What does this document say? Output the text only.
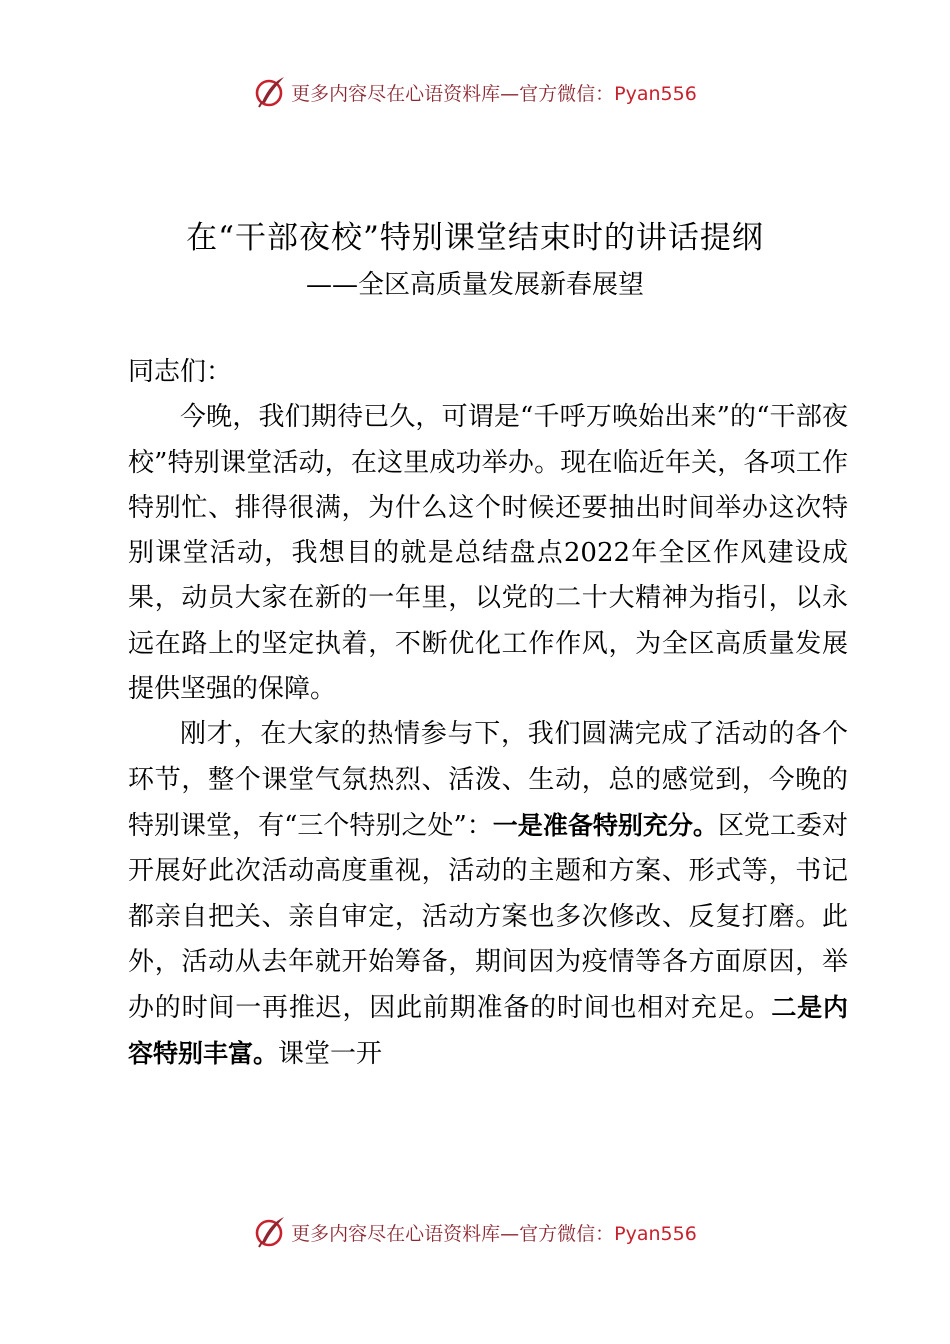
更多内容尽在心语资料库—官方微信：Pyan556
在“干部夜校”特别课堂结束时的讲话提纲
——全区高质量发展新春展望

同志们：

今晚，我们期待已久，可谓是“千呼万唤始出来”的“干部夜校”特别课堂活动，在这里成功举办。现在临近年关，各项工作特别忙、排得很满，为什么这个时候还要抽出时间举办这次特别课堂活动，我想目的就是总结盘点2022年全区作风建设成果，动员大家在新的一年里，以党的二十大精神为指引，以永远在路上的坚定执着，不断优化工作作风，为全区高质量发展提供坚强的保障。

刚才，在大家的热情参与下，我们圆满完成了活动的各个环节，整个课堂气氛热烈、活泼、生动，总的感觉到，今晚的特别课堂，有“三个特别之处”：一是准备特别充分。区党工委对开展好此次活动高度重视，活动的主题和方案、形式等，书记都亲自把关、亲自审定，活动方案也多次修改、反复打磨。此外，活动从去年就开始筹备，期间因为疫情等各方面原因，举办的时间一再推迟，因此前期准备的时间也相对充足。二是内容特别丰富。课堂一开

更多内容尽在心语资料库—官方微信：Pyan556
